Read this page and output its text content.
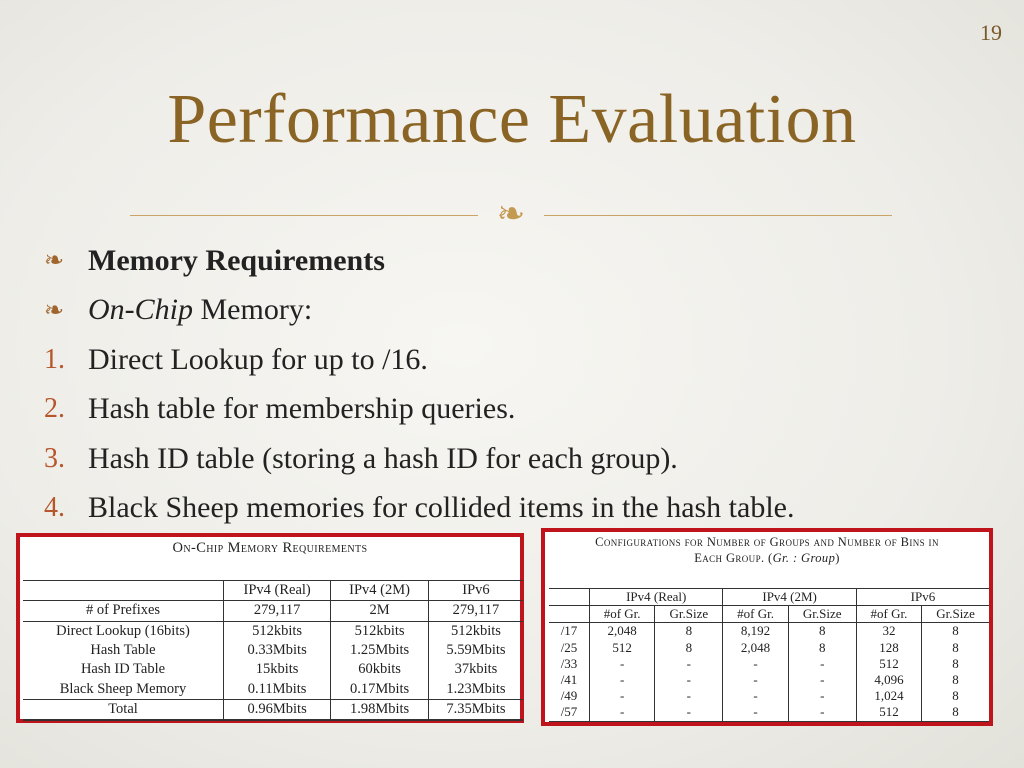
19
Performance Evaluation
❧
❧ Memory Requirements
❧ On-Chip Memory:
1. Direct Lookup for up to /16.
2. Hash table for membership queries.
3. Hash ID table (storing a hash ID for each group).
4. Black Sheep memories for collided items in the hash table.
On-Chip Memory Requirements
	IPv4 (Real)	IPv4 (2M)	IPv6
# of Prefixes	279,117	2M	279,117
Direct Lookup (16bits)	512kbits	512kbits	512kbits
Hash Table	0.33Mbits	1.25Mbits	5.59Mbits
Hash ID Table	15kbits	60kbits	37kbits
Black Sheep Memory	0.11Mbits	0.17Mbits	1.23Mbits
Total	0.96Mbits	1.98Mbits	7.35Mbits
Configurations for Number of Groups and Number of Bins in
Each Group. (Gr. : Group)
	IPv4 (Real)		IPv4 (2M)		IPv6	
	#of Gr.	Gr.Size	#of Gr.	Gr.Size	#of Gr.	Gr.Size
/17	2,048	8	8,192	8	32	8
/25	512	8	2,048	8	128	8
/33	-	-	-	-	512	8
/41	-	-	-	-	4,096	8
/49	-	-	-	-	1,024	8
/57	-	-	-	-	512	8
